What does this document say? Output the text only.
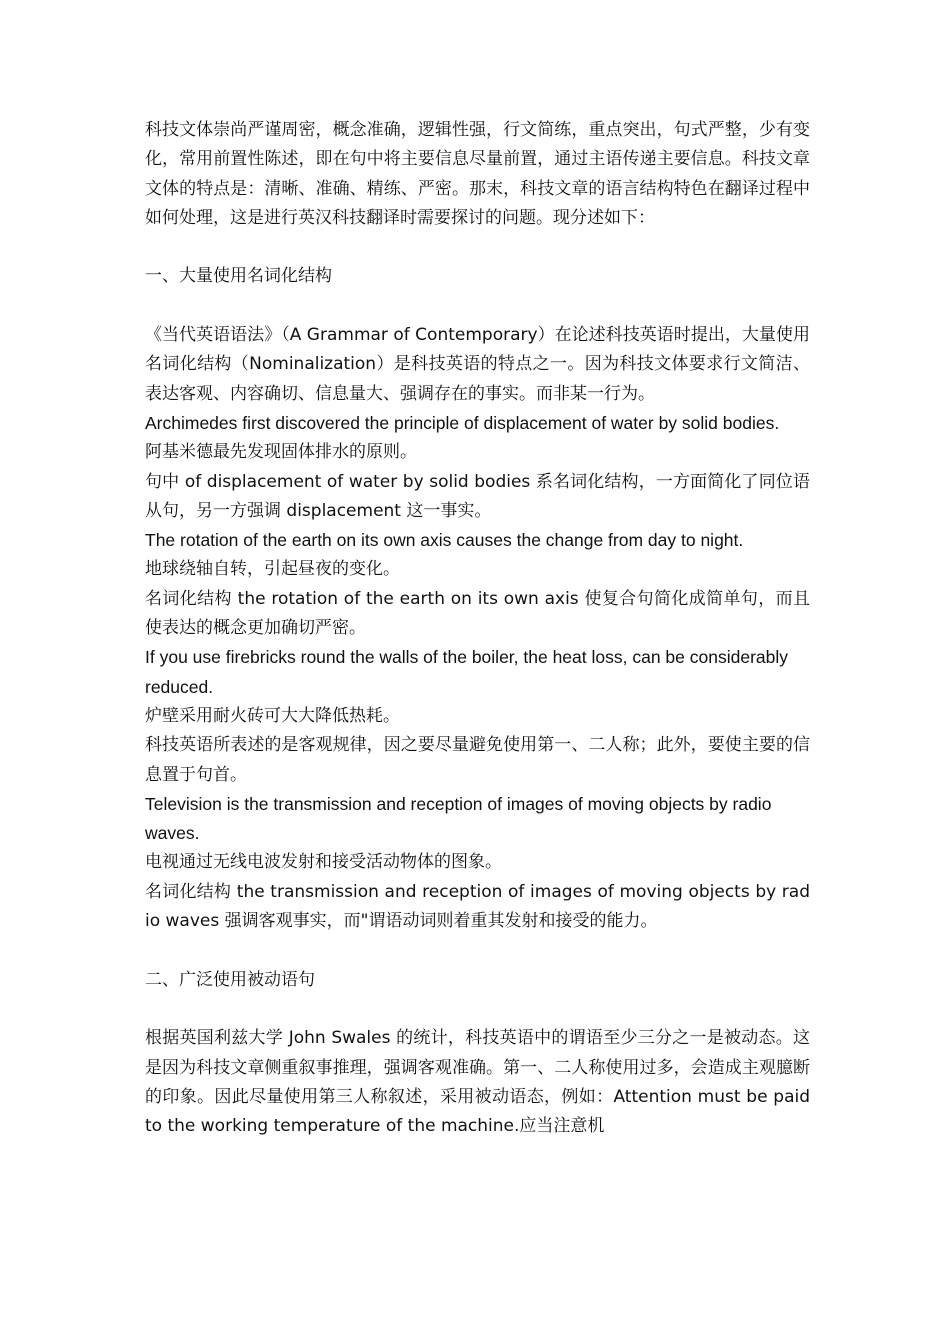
科技文体崇尚严谨周密，概念准确，逻辑性强，行文简练，重点突出，句式严整，少有变化，常用前置性陈述，即在句中将主要信息尽量前置，通过主语传递主要信息。科技文章文体的特点是：清晰、准确、精练、严密。那末，科技文章的语言结构特色在翻译过程中如何处理，这是进行英汉科技翻译时需要探讨的问题。现分述如下：

一、大量使用名词化结构

《当代英语语法》（A Grammar of Contemporary）在论述科技英语时提出，大量使用名词化结构（Nominalization）是科技英语的特点之一。因为科技文体要求行文简洁、表达客观、内容确切、信息量大、强调存在的事实。而非某一行为。

Archimedes first discovered the principle of displacement of water by solid bodies.

阿基米德最先发现固体排水的原则。

句中 of displacement of water by solid bodies 系名词化结构，一方面简化了同位语从句，另一方强调 displacement 这一事实。

The rotation of the earth on its own axis causes the change from day to night.

地球绕轴自转，引起昼夜的变化。

名词化结构 the rotation of the earth on its own axis 使复合句简化成简单句，而且使表达的概念更加确切严密。

If you use firebricks round the walls of the boiler, the heat loss, can be considerably reduced.

炉壁采用耐火砖可大大降低热耗。

科技英语所表述的是客观规律，因之要尽量避免使用第一、二人称；此外，要使主要的信息置于句首。

Television is the transmission and reception of images of moving objects by radio waves.

电视通过无线电波发射和接受活动物体的图象。

名词化结构 the transmission and reception of images of moving objects by radio waves 强调客观事实，而"谓语动词则着重其发射和接受的能力。

二、广泛使用被动语句

根据英国利兹大学 John Swales 的统计，科技英语中的谓语至少三分之一是被动态。这是因为科技文章侧重叙事推理，强调客观准确。第一、二人称使用过多，会造成主观臆断的印象。因此尽量使用第三人称叙述，采用被动语态，例如：Attention must be paid to the working temperature of the machine.应当注意机
